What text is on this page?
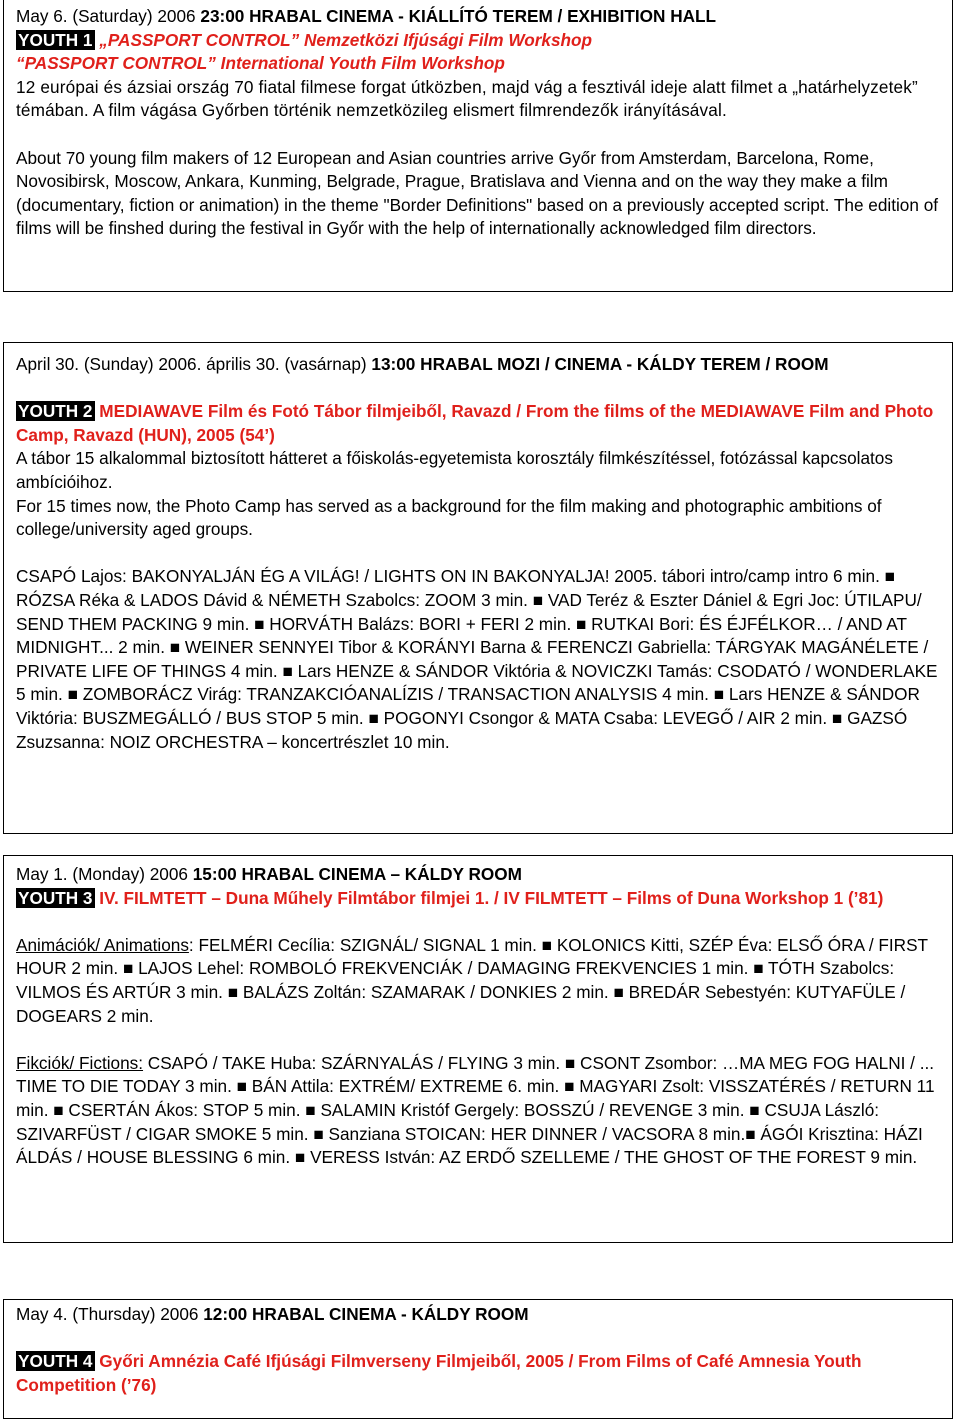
May 6. (Saturday) 2006 23:00 HRABAL CINEMA - KIÁLLÍTÓ TEREM / EXHIBITION HALL

YOUTH 1 „PASSPORT CONTROL” Nemzetközi Ifjúsági Film Workshop

“PASSPORT CONTROL” International Youth Film Workshop

12 európai és ázsiai ország 70 fiatal filmese forgat útközben, majd vág a fesztivál ideje alatt filmet a „határhelyzetek” témában. A film vágása Győrben történik nemzetközileg elismert filmrendezők irányításával.

About 70 young film makers of 12 European and Asian countries arrive Győr from Amsterdam, Barcelona, Rome, Novosibirsk, Moscow, Ankara, Kunming, Belgrade, Prague, Bratislava and Vienna and on the way they make a film (documentary, fiction or animation) in the theme "Border Definitions" based on a previously accepted script. The edition of films will be finshed during the festival in Győr with the help of internationally acknowledged film directors.

April 30. (Sunday) 2006. április 30. (vasárnap) 13:00 HRABAL MOZI / CINEMA - KÁLDY TEREM / ROOM

YOUTH 2 MEDIAWAVE Film és Fotó Tábor filmjeiből, Ravazd / From the films of the MEDIAWAVE Film and Photo Camp, Ravazd (HUN), 2005 (54’)

A tábor 15 alkalommal biztosított hátteret a főiskolás-egyetemista korosztály filmkészítéssel, fotózással kapcsolatos ambícióihoz.

For 15 times now, the Photo Camp has served as a background for the film making and photographic ambitions of college/university aged groups.

CSAPÓ Lajos: BAKONYALJÁN ÉG A VILÁG! / LIGHTS ON IN BAKONYALJA! 2005. tábori intro/camp intro 6 min. ■ RÓZSA Réka & LADOS Dávid & NÉMETH Szabolcs: ZOOM 3 min. ■ VAD Teréz & Eszter Dániel & Egri Joc: ÚTILAPU/ SEND THEM PACKING 9 min. ■ HORVÁTH Balázs: BORI + FERI 2 min. ■ RUTKAI Bori: ÉS ÉJFÉLKOR… / AND AT MIDNIGHT... 2 min. ■ WEINER SENNYEI Tibor & KORÁNYI Barna & FERENCZI Gabriella: TÁRGYAK MAGÁNÉLETE / PRIVATE LIFE OF THINGS 4 min. ■ Lars HENZE & SÁNDOR Viktória & NOVICZKI Tamás: CSODATÓ / WONDERLAKE 5 min. ■ ZOMBORÁCZ Virág: TRANZAKCIÓANALÍZIS / TRANSACTION ANALYSIS 4 min. ■ Lars HENZE & SÁNDOR Viktória: BUSZMEGÁLLÓ / BUS STOP 5 min. ■ POGONYI Csongor & MATA Csaba: LEVEGŐ / AIR 2 min. ■ GAZSÓ Zsuzsanna: NOIZ ORCHESTRA – koncertrészlet 10 min.

May 1. (Monday) 2006 15:00 HRABAL CINEMA – KÁLDY ROOM

YOUTH 3 IV. FILMTETT – Duna Műhely Filmtábor filmjei 1. / IV FILMTETT – Films of Duna Workshop 1 (’81)

Animációk/ Animations: FELMÉRI Cecília: SZIGNÁL/ SIGNAL 1 min. ■ KOLONICS Kitti, SZÉP Éva: ELSŐ ÓRA / FIRST HOUR 2 min. ■ LAJOS Lehel: ROMBOLÓ FREKVENCIÁK / DAMAGING FREKVENCIES 1 min. ■ TÓTH Szabolcs: VILMOS ÉS ARTÚR 3 min. ■ BALÁZS Zoltán: SZAMARAK / DONKIES 2 min. ■ BREDÁR Sebestyén: KUTYAFÜLE / DOGEARS 2 min.

Fikciók/ Fictions: CSAPÓ / TAKE Huba: SZÁRNYALÁS / FLYING 3 min. ■ CSONT Zsombor: …MA MEG FOG HALNI / ... TIME TO DIE TODAY 3 min. ■ BÁN Attila: EXTRÉM/ EXTREME 6. min. ■ MAGYARI Zsolt: VISSZATÉRÉS / RETURN 11 min. ■ CSERTÁN Ákos: STOP 5 min. ■ SALAMIN Kristóf Gergely: BOSSZÚ / REVENGE 3 min. ■ CSUJA László: SZIVARFÜST / CIGAR SMOKE 5 min. ■ Sanziana STOICAN: HER DINNER / VACSORA 8 min.■ ÁGÓI Krisztina: HÁZI ÁLDÁS / HOUSE BLESSING 6 min. ■ VERESS István: AZ ERDŐ SZELLEME / THE GHOST OF THE FOREST 9 min.

May 4. (Thursday) 2006 12:00 HRABAL CINEMA - KÁLDY ROOM

YOUTH 4 Győri Amnézia Café Ifjúsági Filmverseny Filmjeiből, 2005 / From Films of Café Amnesia Youth Competition (’76)
